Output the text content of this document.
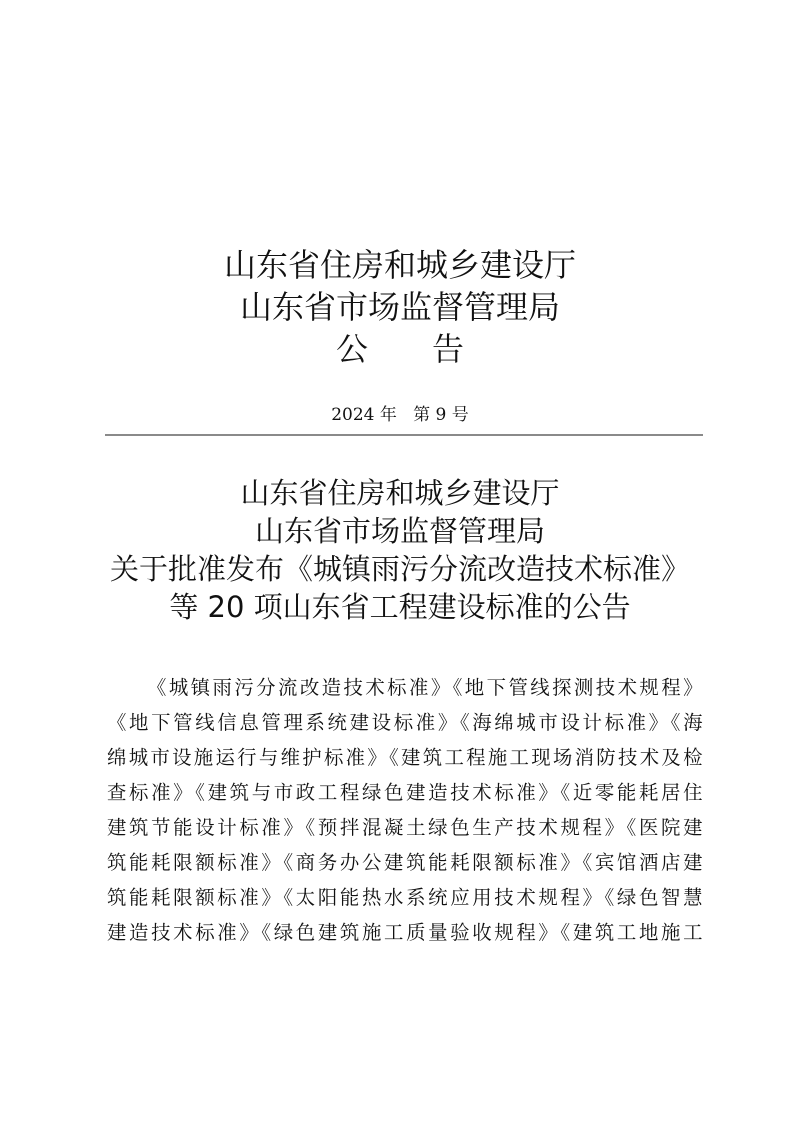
山东省住房和城乡建设厅
山东省市场监督管理局
公告
2024 年   第 9 号
山东省住房和城乡建设厅
山东省市场监督管理局
关于批准发布《城镇雨污分流改造技术标准》
等 20 项山东省工程建设标准的公告
《城镇雨污分流改造技术标准》《地下管线探测技术规程》
《地下管线信息管理系统建设标准》《海绵城市设计标准》《海
绵城市设施运行与维护标准》《建筑工程施工现场消防技术及检
查标准》《建筑与市政工程绿色建造技术标准》《近零能耗居住
建筑节能设计标准》《预拌混凝土绿色生产技术规程》《医院建
筑能耗限额标准》《商务办公建筑能耗限额标准》《宾馆酒店建
筑能耗限额标准》《太阳能热水系统应用技术规程》《绿色智慧
建造技术标准》《绿色建筑施工质量验收规程》《建筑工地施工
